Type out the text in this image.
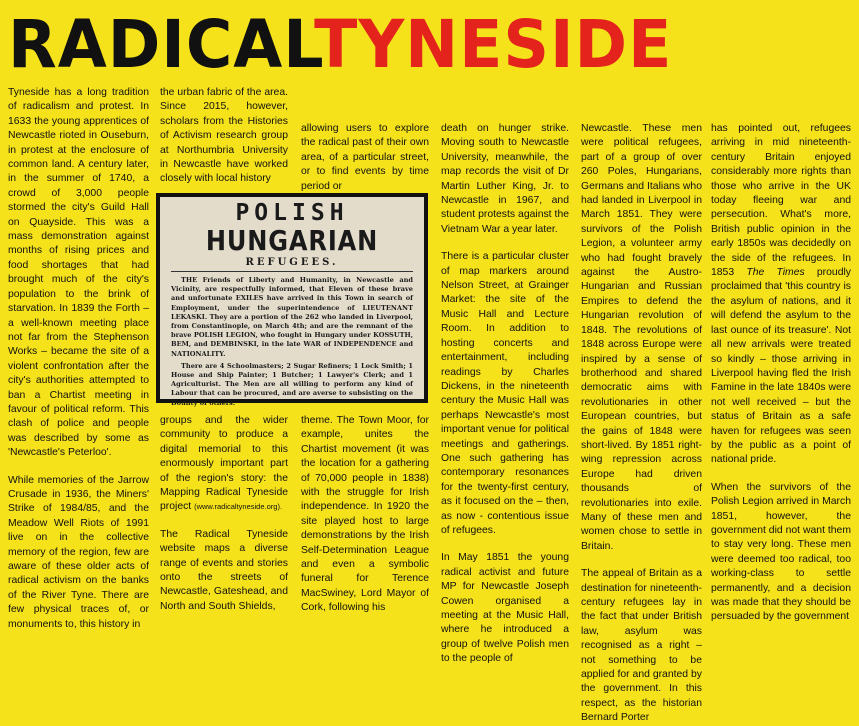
RADICALTYNESIDE

Tyneside has a long tradition of radicalism and protest. In 1633 the young apprentices of Newcastle rioted in Ouseburn, in protest at the enclosure of common land. A century later, in the summer of 1740, a crowd of 3,000 people stormed the city's Guild Hall on Quayside. This was a mass demonstration against months of rising prices and food shortages that had brought much of the city's population to the brink of starvation. In 1839 the Forth – a well-known meeting place not far from the Stephenson Works – became the site of a violent confrontation after the city's authorities attempted to ban a Chartist meeting in favour of political reform. This clash of police and people was described by some as 'Newcastle's Peterloo'.

While memories of the Jarrow Crusade in 1936, the Miners' Strike of 1984/85, and the Meadow Well Riots of 1991 live on in the collective memory of the region, few are aware of these older acts of radical activism on the banks of the River Tyne. There are few physical traces of, or monuments to, this history in

the urban fabric of the area. Since 2015, however, scholars from the Histories of Activism research group at Northumbria University in Newcastle have worked closely with local history

allowing users to explore the radical past of their own area, of a particular street, or to find events by time period or

POLISH
HUNGARIAN
REFUGEES.

THE Friends of Liberty and Humanity, in Newcastle and Vicinity, are respectfully informed, that Eleven of these brave and unfortunate EXILES have arrived in this Town in search of Employment, under the superintendence of LIEUTENANT LEKASKI. They are a portion of the 262 who landed in Liverpool, from Constantinople, on March 4th; and are the remnant of the brave POLISH LEGION, who fought in Hungary under KOSSUTH, BEM, and DEMBINSKI, in the late WAR of INDEPENDENCE and NATIONALITY.

There are 4 Schoolmasters; 2 Sugar Refiners; 1 Lock Smith; 1 House and Ship Painter; 1 Butcher; 1 Lawyer's Clerk; and 1 Agriculturist. The Men are all willing to perform any kind of Labour that can be procured, and are averse to subsisting on the Bounty of others.

groups and the wider community to produce a digital memorial to this enormously important part of the region's story: the Mapping Radical Tyneside project (www.radicaltyneside.org).

The Radical Tyneside website maps a diverse range of events and stories onto the streets of Newcastle, Gateshead, and North and South Shields,

theme. The Town Moor, for example, unites the Chartist movement (it was the location for a gathering of 70,000 people in 1838) with the struggle for Irish independence. In 1920 the site played host to large demonstrations by the Irish Self-Determination League and even a symbolic funeral for Terence MacSwiney, Lord Mayor of Cork, following his

death on hunger strike. Moving south to Newcastle University, meanwhile, the map records the visit of Dr Martin Luther King, Jr. to Newcastle in 1967, and student protests against the Vietnam War a year later.

There is a particular cluster of map markers around Nelson Street, at Grainger Market: the site of the Music Hall and Lecture Room. In addition to hosting concerts and entertainment, including readings by Charles Dickens, in the nineteenth century the Music Hall was perhaps Newcastle's most important venue for political meetings and gatherings. One such gathering has contemporary resonances for the twenty-first century, as it focused on the – then, as now - contentious issue of refugees.

In May 1851 the young radical activist and future MP for Newcastle Joseph Cowen organised a meeting at the Music Hall, where he introduced a group of twelve Polish men to the people of

Newcastle. These men were political refugees, part of a group of over 260 Poles, Hungarians, Germans and Italians who had landed in Liverpool in March 1851. They were survivors of the Polish Legion, a volunteer army who had fought bravely against the Austro-Hungarian and Russian Empires to defend the Hungarian revolution of 1848. The revolutions of 1848 across Europe were inspired by a sense of brotherhood and shared democratic aims with revolutionaries in other European countries, but the gains of 1848 were short-lived. By 1851 right-wing repression across Europe had driven thousands of revolutionaries into exile. Many of these men and women chose to settle in Britain.

The appeal of Britain as a destination for nineteenth-century refugees lay in the fact that under British law, asylum was recognised as a right – not something to be applied for and granted by the government. In this respect, as the historian Bernard Porter

has pointed out, refugees arriving in mid nineteenth-century Britain enjoyed considerably more rights than those who arrive in the UK today fleeing war and persecution. What's more, British public opinion in the early 1850s was decidedly on the side of the refugees. In 1853 The Times proudly proclaimed that 'this country is the asylum of nations, and it will defend the asylum to the last ounce of its treasure'. Not all new arrivals were treated so kindly – those arriving in Liverpool having fled the Irish Famine in the late 1840s were not well received – but the status of Britain as a safe haven for refugees was seen by the public as a point of national pride.

When the survivors of the Polish Legion arrived in March 1851, however, the government did not want them to stay very long. These men were deemed too radical, too working-class to settle permanently, and a decision was made that they should be persuaded by the government
